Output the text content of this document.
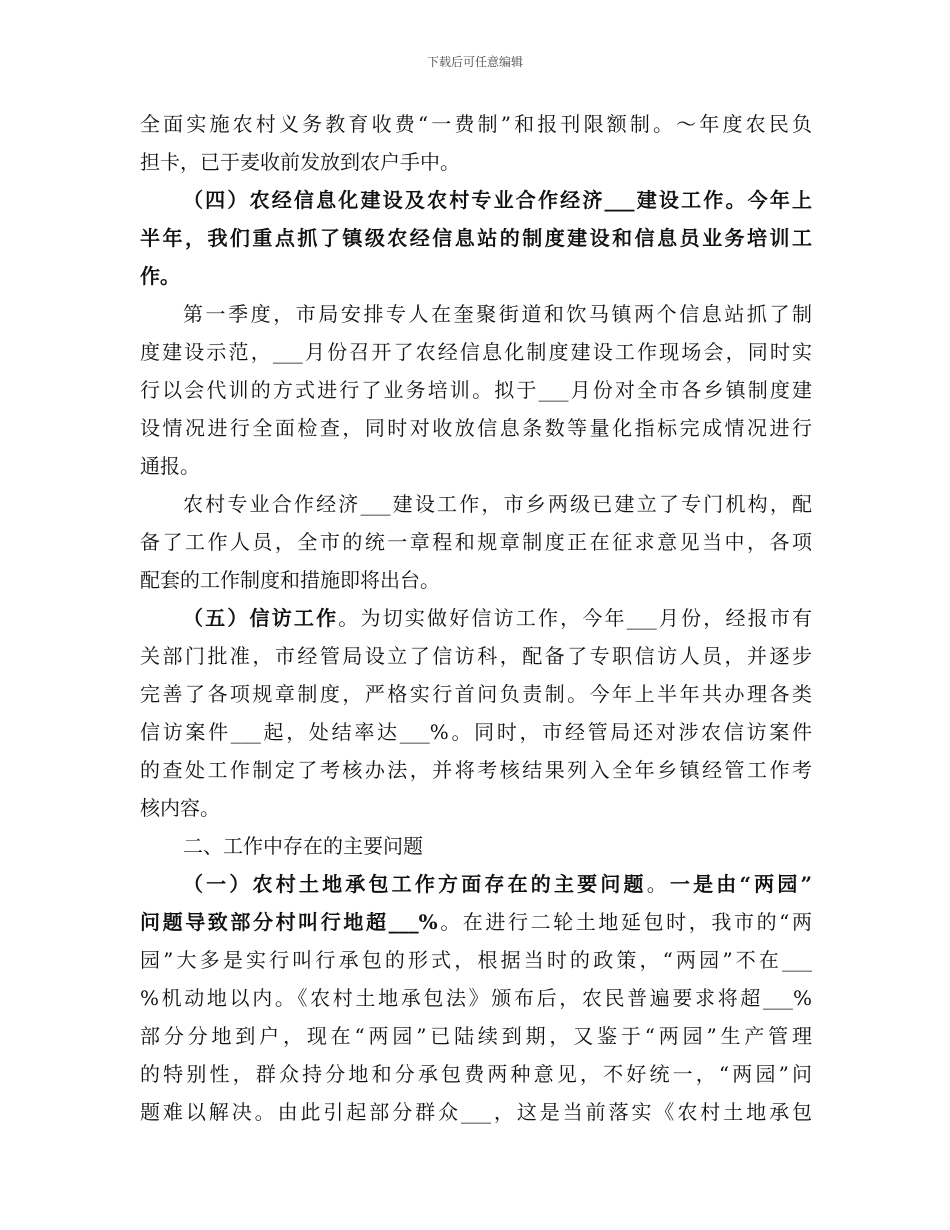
下载后可任意编辑
全面实施农村义务教育收费“一费制”和报刊限额制。～年度农民负
担卡，已于麦收前发放到农户手中。
（四）农经信息化建设及农村专业合作经济___建设工作。今年上
半年，我们重点抓了镇级农经信息站的制度建设和信息员业务培训工
作。
第一季度，市局安排专人在奎聚街道和饮马镇两个信息站抓了制
度建设示范，___月份召开了农经信息化制度建设工作现场会，同时实
行以会代训的方式进行了业务培训。拟于___月份对全市各乡镇制度建
设情况进行全面检查，同时对收放信息条数等量化指标完成情况进行
通报。
农村专业合作经济___建设工作，市乡两级已建立了专门机构，配
备了工作人员，全市的统一章程和规章制度正在征求意见当中，各项
配套的工作制度和措施即将出台。
（五）信访工作。为切实做好信访工作，今年___月份，经报市有
关部门批准，市经管局设立了信访科，配备了专职信访人员，并逐步
完善了各项规章制度，严格实行首问负责制。今年上半年共办理各类
信访案件___起，处结率达___%。同时，市经管局还对涉农信访案件
的查处工作制定了考核办法，并将考核结果列入全年乡镇经管工作考
核内容。
二、工作中存在的主要问题
（一）农村土地承包工作方面存在的主要问题。一是由“两园”
问题导致部分村叫行地超___%。在进行二轮土地延包时，我市的“两
园”大多是实行叫行承包的形式，根据当时的政策，“两园”不在___
%机动地以内。《农村土地承包法》颁布后，农民普遍要求将超___%
部分分地到户，现在“两园”已陆续到期，又鉴于“两园”生产管理
的特别性，群众持分地和分承包费两种意见，不好统一，“两园”问
题难以解决。由此引起部分群众___，这是当前落实《农村土地承包
